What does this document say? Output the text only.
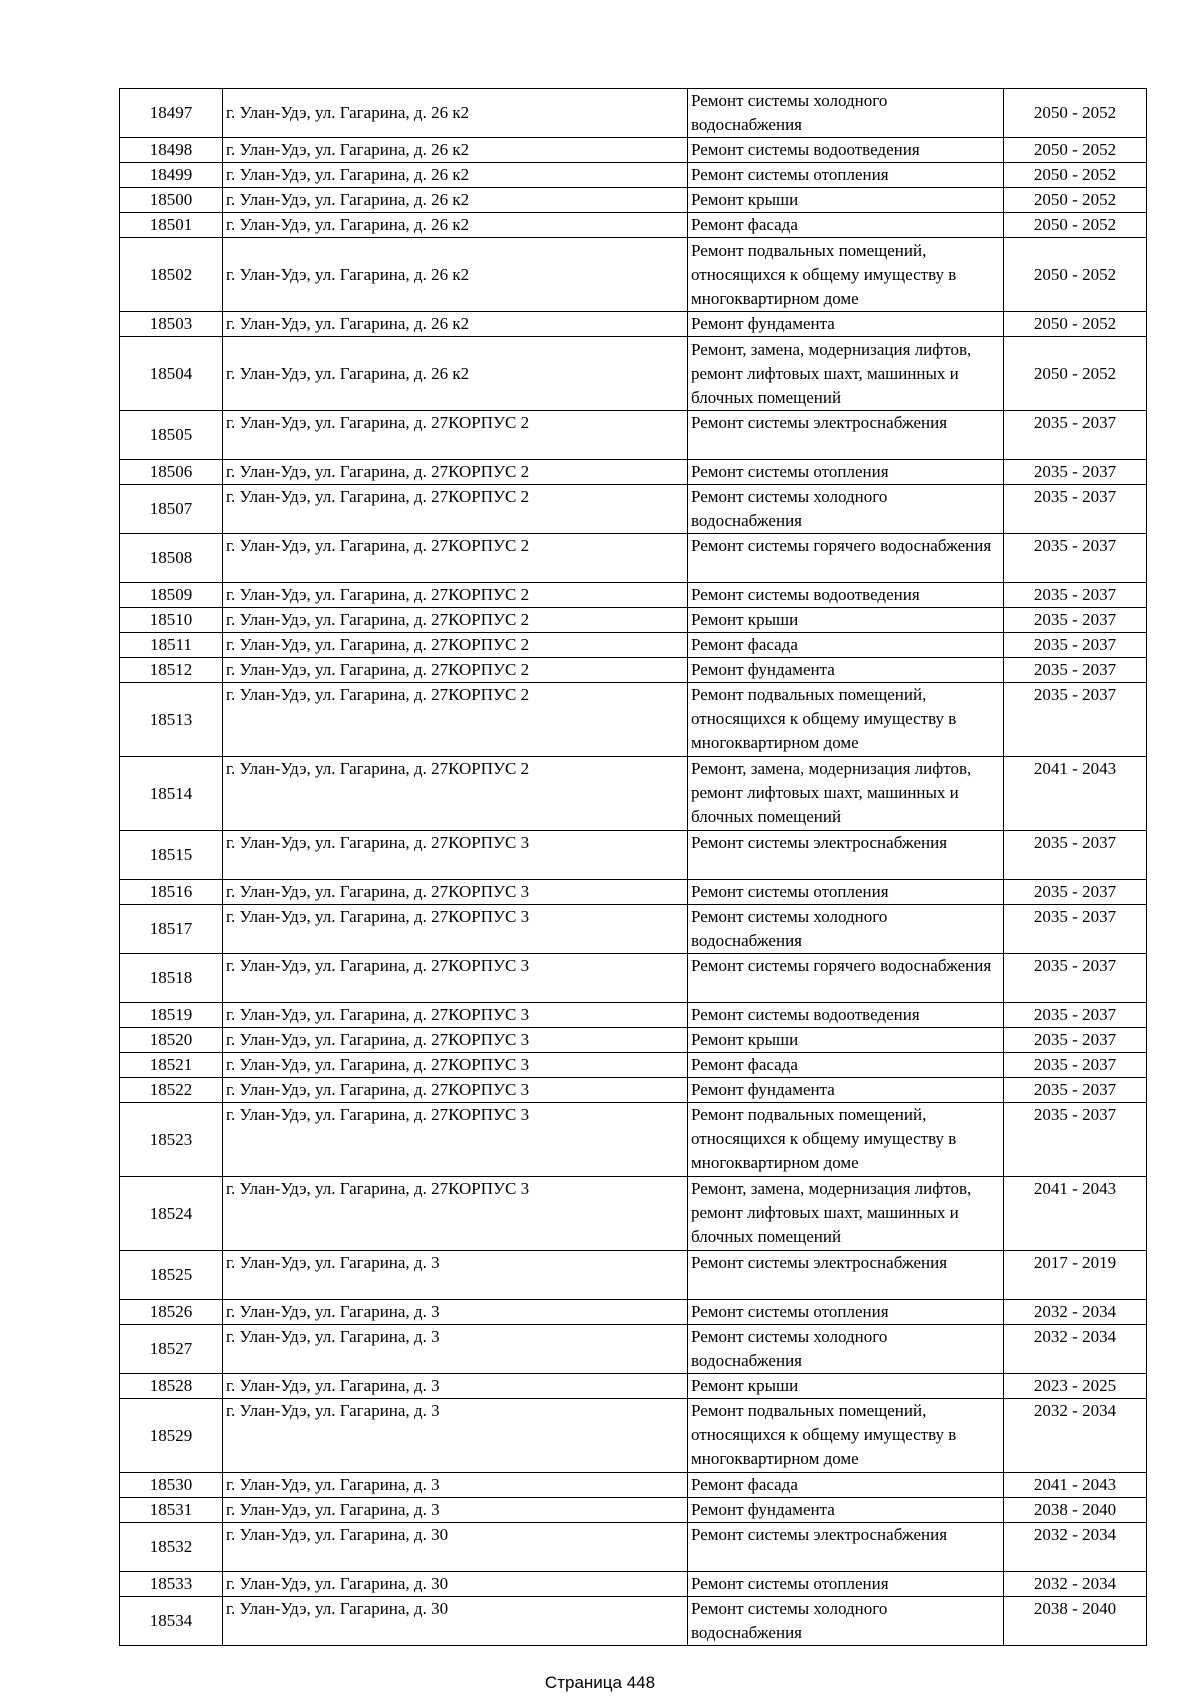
18497	г. Улан-Удэ, ул. Гагарина, д. 26 к2	Ремонт системы холодного водоснабжения	2050 - 2052
18498	г. Улан-Удэ, ул. Гагарина, д. 26 к2	Ремонт системы водоотведения	2050 - 2052
18499	г. Улан-Удэ, ул. Гагарина, д. 26 к2	Ремонт системы отопления	2050 - 2052
18500	г. Улан-Удэ, ул. Гагарина, д. 26 к2	Ремонт крыши	2050 - 2052
18501	г. Улан-Удэ, ул. Гагарина, д. 26 к2	Ремонт фасада	2050 - 2052
18502	г. Улан-Удэ, ул. Гагарина, д. 26 к2	Ремонт подвальных помещений, относящихся к общему имуществу в многоквартирном доме	2050 - 2052
18503	г. Улан-Удэ, ул. Гагарина, д. 26 к2	Ремонт фундамента	2050 - 2052
18504	г. Улан-Удэ, ул. Гагарина, д. 26 к2	Ремонт, замена, модернизация лифтов, ремонт лифтовых шахт, машинных и блочных помещений	2050 - 2052
18505	г. Улан-Удэ, ул. Гагарина, д. 27КОРПУС 2	Ремонт системы электроснабжения	2035 - 2037
18506	г. Улан-Удэ, ул. Гагарина, д. 27КОРПУС 2	Ремонт системы отопления	2035 - 2037
18507	г. Улан-Удэ, ул. Гагарина, д. 27КОРПУС 2	Ремонт системы холодного водоснабжения	2035 - 2037
18508	г. Улан-Удэ, ул. Гагарина, д. 27КОРПУС 2	Ремонт системы горячего водоснабжения	2035 - 2037
18509	г. Улан-Удэ, ул. Гагарина, д. 27КОРПУС 2	Ремонт системы водоотведения	2035 - 2037
18510	г. Улан-Удэ, ул. Гагарина, д. 27КОРПУС 2	Ремонт крыши	2035 - 2037
18511	г. Улан-Удэ, ул. Гагарина, д. 27КОРПУС 2	Ремонт фасада	2035 - 2037
18512	г. Улан-Удэ, ул. Гагарина, д. 27КОРПУС 2	Ремонт фундамента	2035 - 2037
18513	г. Улан-Удэ, ул. Гагарина, д. 27КОРПУС 2	Ремонт подвальных помещений, относящихся к общему имуществу в многоквартирном доме	2035 - 2037
18514	г. Улан-Удэ, ул. Гагарина, д. 27КОРПУС 2	Ремонт, замена, модернизация лифтов, ремонт лифтовых шахт, машинных и блочных помещений	2041 - 2043
18515	г. Улан-Удэ, ул. Гагарина, д. 27КОРПУС 3	Ремонт системы электроснабжения	2035 - 2037
18516	г. Улан-Удэ, ул. Гагарина, д. 27КОРПУС 3	Ремонт системы отопления	2035 - 2037
18517	г. Улан-Удэ, ул. Гагарина, д. 27КОРПУС 3	Ремонт системы холодного водоснабжения	2035 - 2037
18518	г. Улан-Удэ, ул. Гагарина, д. 27КОРПУС 3	Ремонт системы горячего водоснабжения	2035 - 2037
18519	г. Улан-Удэ, ул. Гагарина, д. 27КОРПУС 3	Ремонт системы водоотведения	2035 - 2037
18520	г. Улан-Удэ, ул. Гагарина, д. 27КОРПУС 3	Ремонт крыши	2035 - 2037
18521	г. Улан-Удэ, ул. Гагарина, д. 27КОРПУС 3	Ремонт фасада	2035 - 2037
18522	г. Улан-Удэ, ул. Гагарина, д. 27КОРПУС 3	Ремонт фундамента	2035 - 2037
18523	г. Улан-Удэ, ул. Гагарина, д. 27КОРПУС 3	Ремонт подвальных помещений, относящихся к общему имуществу в многоквартирном доме	2035 - 2037
18524	г. Улан-Удэ, ул. Гагарина, д. 27КОРПУС 3	Ремонт, замена, модернизация лифтов, ремонт лифтовых шахт, машинных и блочных помещений	2041 - 2043
18525	г. Улан-Удэ, ул. Гагарина, д. 3	Ремонт системы электроснабжения	2017 - 2019
18526	г. Улан-Удэ, ул. Гагарина, д. 3	Ремонт системы отопления	2032 - 2034
18527	г. Улан-Удэ, ул. Гагарина, д. 3	Ремонт системы холодного водоснабжения	2032 - 2034
18528	г. Улан-Удэ, ул. Гагарина, д. 3	Ремонт крыши	2023 - 2025
18529	г. Улан-Удэ, ул. Гагарина, д. 3	Ремонт подвальных помещений, относящихся к общему имуществу в многоквартирном доме	2032 - 2034
18530	г. Улан-Удэ, ул. Гагарина, д. 3	Ремонт фасада	2041 - 2043
18531	г. Улан-Удэ, ул. Гагарина, д. 3	Ремонт фундамента	2038 - 2040
18532	г. Улан-Удэ, ул. Гагарина, д. 30	Ремонт системы электроснабжения	2032 - 2034
18533	г. Улан-Удэ, ул. Гагарина, д. 30	Ремонт системы отопления	2032 - 2034
18534	г. Улан-Удэ, ул. Гагарина, д. 30	Ремонт системы холодного водоснабжения	2038 - 2040
Страница 448
